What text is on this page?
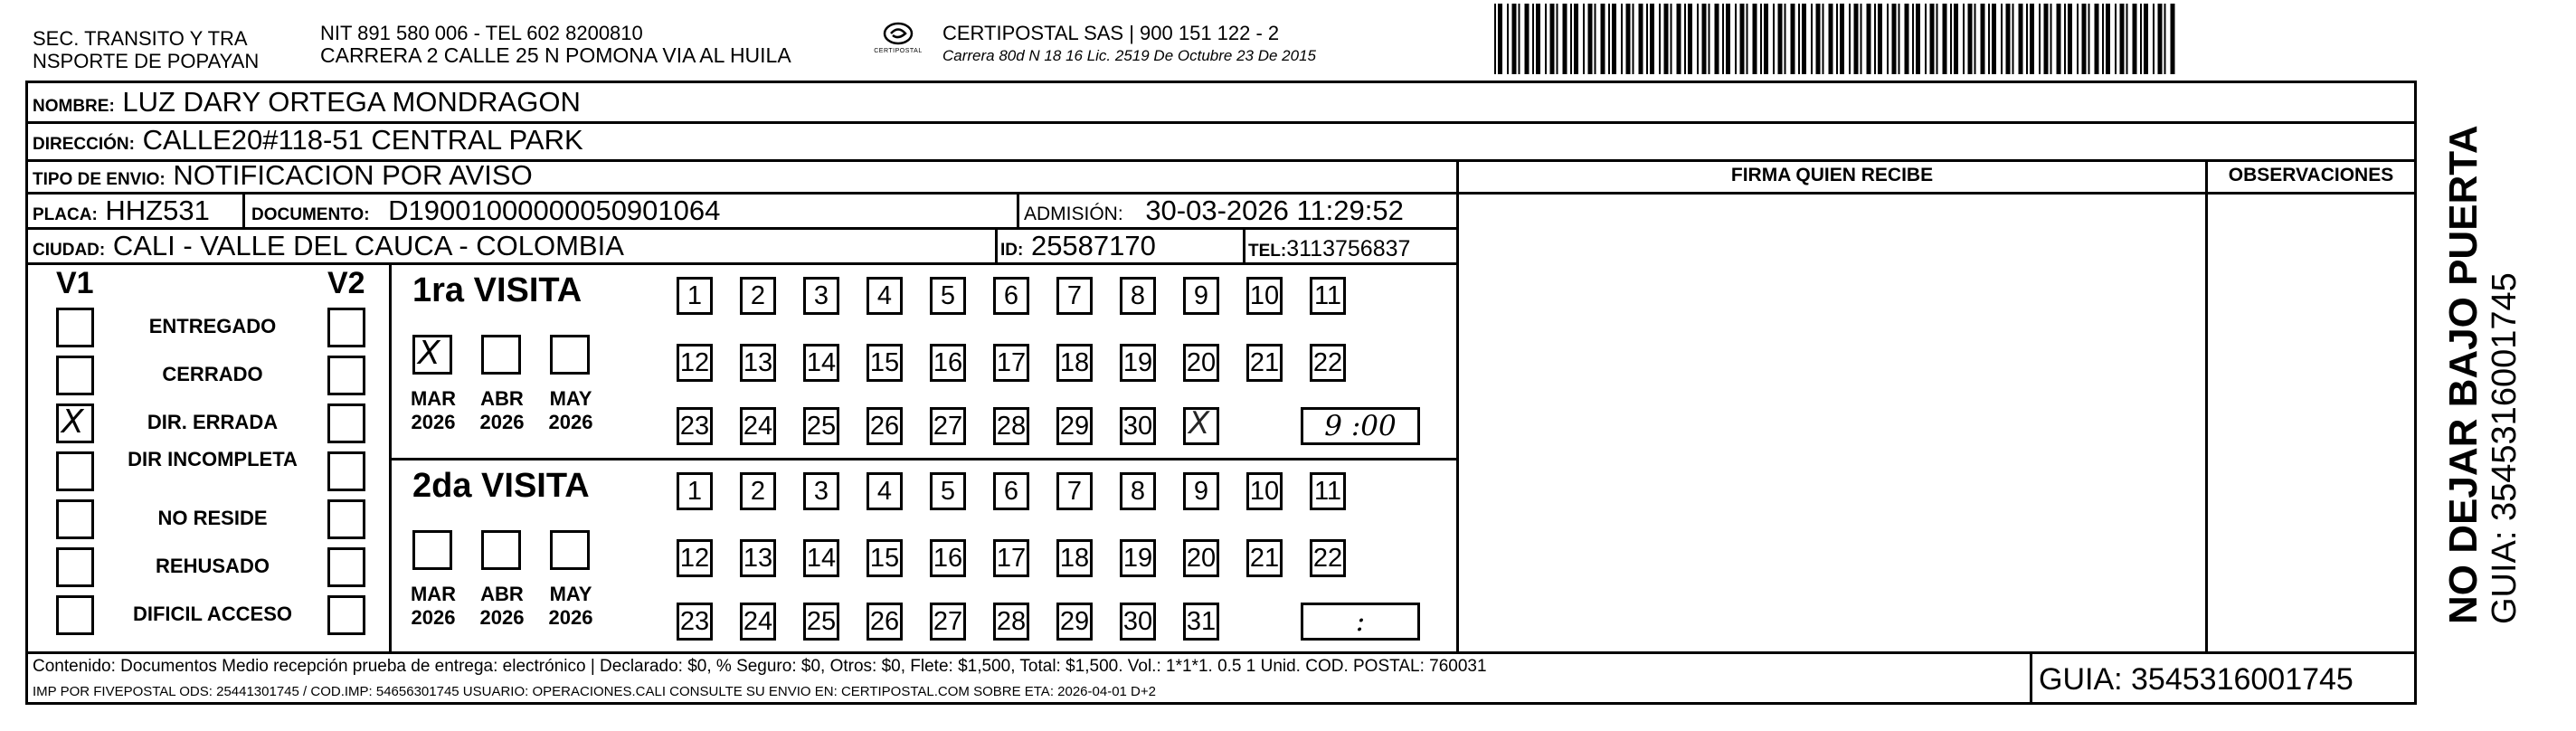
SEC. TRANSITO Y TRA
NSPORTE DE POPAYAN
NIT 891 580 006 - TEL 602 8200810
CARRERA 2 CALLE 25 N POMONA VIA AL HUILA	CERTIPOSTAL
CERTIPOSTAL SAS | 900 151 122 - 2
Carrera 80d N 18 16 Lic. 2519 De Octubre 23 De 2015
NOMBRE: LUZ DARY ORTEGA MONDRAGON
DIRECCIÓN: CALLE20#118-51 CENTRAL PARK
TIPO DE ENVIO: NOTIFICACION POR AVISO	FIRMA QUIEN RECIBE	OBSERVACIONES
PLACA: HHZ531 DOCUMENTO: D19001000000050901064	ADMISIÓN: 30-03-2026 11:29:52
CIUDAD: CALI - VALLE DEL CAUCA - COLOMBIA	ID: 25587170	TEL:3113756837
V1	V2
ENTREGADO
CERRADO
X
DIR. ERRADA
DIR INCOMPLETA
NO RESIDE
REHUSADO
DIFICIL ACCESO
1ra VISITA
X
MAR
2026
ABR
2026
MAY
2026
1	2	3	4	5	6	7	8	9	10 11
12 13 14 15 16 17 18 19 20 21 22
23 24 25 26 27 28 29 30
X	9 :00
2da VISITA
MAR
2026
ABR
2026
MAY
2026
1	2	3	4	5	6	7	8	9	10 11
12 13 14 15 16 17 18 19 20 21 22
23 24 25 26 27 28 29 30 31	:	NO DEJAR BAJO PUERTA GUIA: 3545316001745
Contenido: Documentos Medio recepción prueba de entrega: electrónico | Declarado: $0, % Seguro: $0, Otros: $0, Flete: $1,500, Total: $1,500. Vol.: 1*1*1. 0.5 1 Unid. COD. POSTAL: 760031
IMP POR FIVEPOSTAL ODS: 25441301745 / COD.IMP: 54656301745 USUARIO: OPERACIONES.CALI CONSULTE SU ENVIO EN: CERTIPOSTAL.COM SOBRE ETA: 2026-04-01 D+2	GUIA: 3545316001745
